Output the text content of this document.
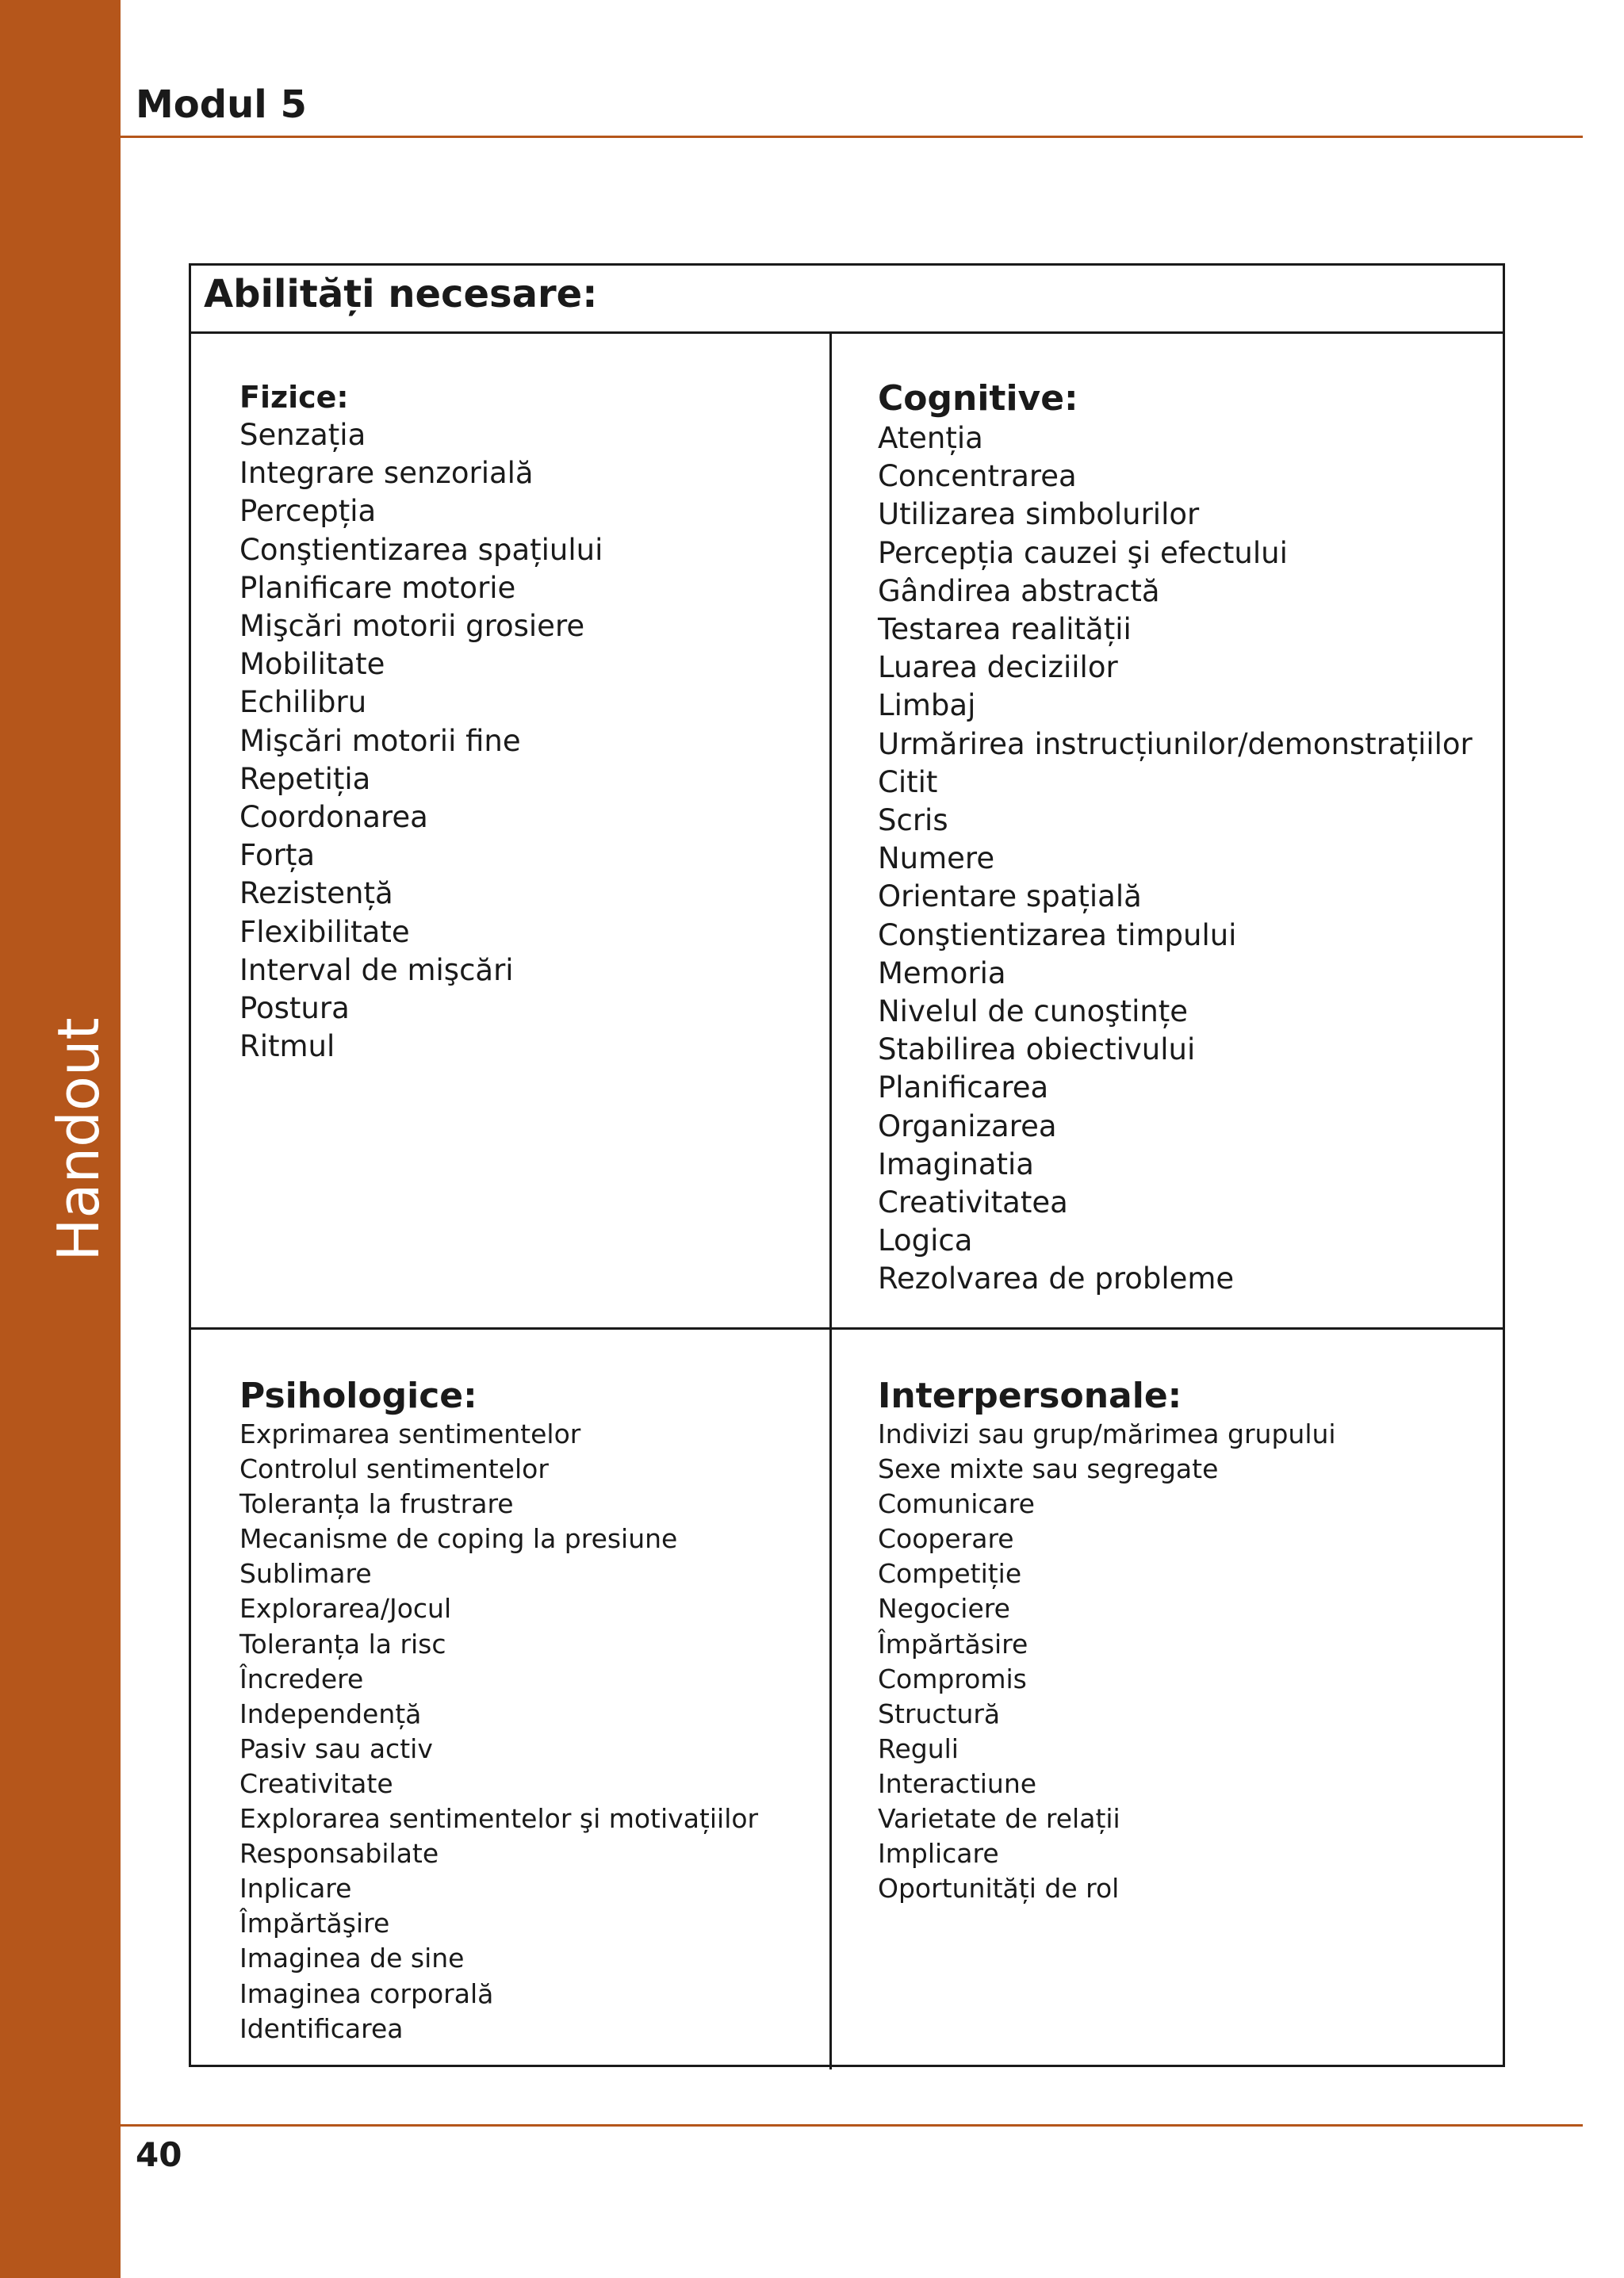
Handout
Modul 5
Abilități necesare:
Fizice:
Senzația
Integrare senzorială
Percepția
Conştientizarea spațiului
Planificare motorie
Mişcări motorii grosiere
Mobilitate
Echilibru
Mişcări motorii fine
Repetiția
Coordonarea
Forța
Rezistență
Flexibilitate
Interval de mişcări
Postura
Ritmul
Cognitive:
Atenția
Concentrarea
Utilizarea simbolurilor
Percepția cauzei şi efectului
Gândirea abstractă
Testarea realității
Luarea deciziilor
Limbaj
Urmărirea instrucțiunilor/demonstrațiilor
Citit
Scris
Numere
Orientare spațială
Conştientizarea timpului
Memoria
Nivelul de cunoştințe
Stabilirea obiectivului
Planificarea
Organizarea
Imaginatia
Creativitatea
Logica
Rezolvarea de probleme
Psihologice:
Exprimarea sentimentelor
Controlul sentimentelor
Toleranța la frustrare
Mecanisme de coping la presiune
Sublimare
Explorarea/Jocul
Toleranța la risc
Încredere
Independență
Pasiv sau activ
Creativitate
Explorarea sentimentelor şi motivațiilor
Responsabilate
Inplicare
Împărtăşire
Imaginea de sine
Imaginea corporală
Identificarea
Interpersonale:
Indivizi sau grup/mărimea grupului
Sexe mixte sau segregate
Comunicare
Cooperare
Competiție
Negociere
Împărtăsire
Compromis
Structură
Reguli
Interactiune
Varietate de relații
Implicare
Oportunități de rol
40
